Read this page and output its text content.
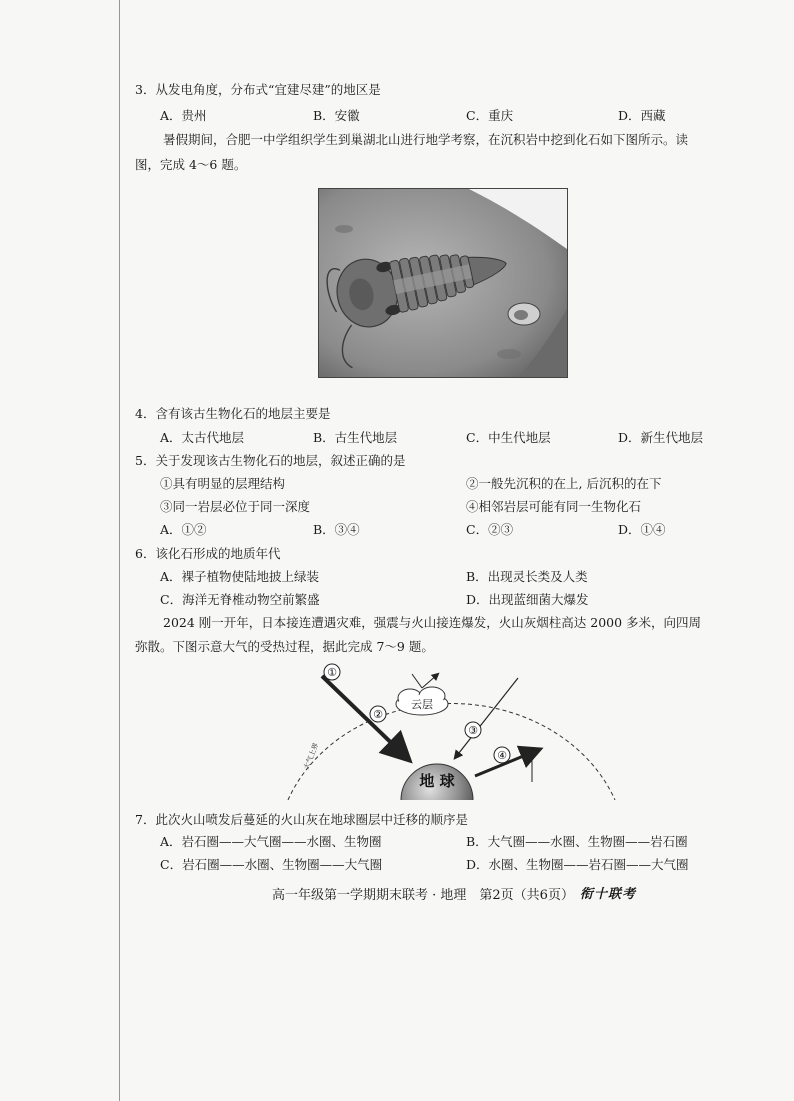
3．从发电角度，分布式“宜建尽建”的地区是
A．贵州	B．安徽	C．重庆	D．西藏
暑假期间，合肥一中学组织学生到巢湖北山进行地学考察，在沉积岩中挖到化石如下图所示。读
图，完成 4～6 题。
4．含有该古生物化石的地层主要是
A．太古代地层	B．古生代地层	C．中生代地层	D．新生代地层
5．关于发现该古生物化石的地层，叙述正确的是
①具有明显的层理结构	②一般先沉积的在上, 后沉积的在下
③同一岩层必位于同一深度	④相邻岩层可能有同一生物化石
A．①②	B．③④	C．②③	D．①④
6．该化石形成的地质年代
A．裸子植物使陆地披上绿装	B．出现灵长类及人类
C．海洋无脊椎动物空前繁盛	D．出现蓝细菌大爆发
2024 刚一开年，日本接连遭遇灾难，强震与火山接连爆发，火山灰烟柱高达 2000 多米，向四周
弥散。下图示意大气的受热过程，据此完成 7～9 题。
地 球
云层
①
②
③
④
大气上界
7．此次火山喷发后蔓延的火山灰在地球圈层中迁移的顺序是
A．岩石圈——大气圈——水圈、生物圈	B．大气圈——水圈、生物圈——岩石圈
C．岩石圈——水圈、生物圈——大气圈	D．水圈、生物圈——岩石圈——大气圈
高一年级第一学期期末联考 · 地理　第2页（共6页） 衔十联考
